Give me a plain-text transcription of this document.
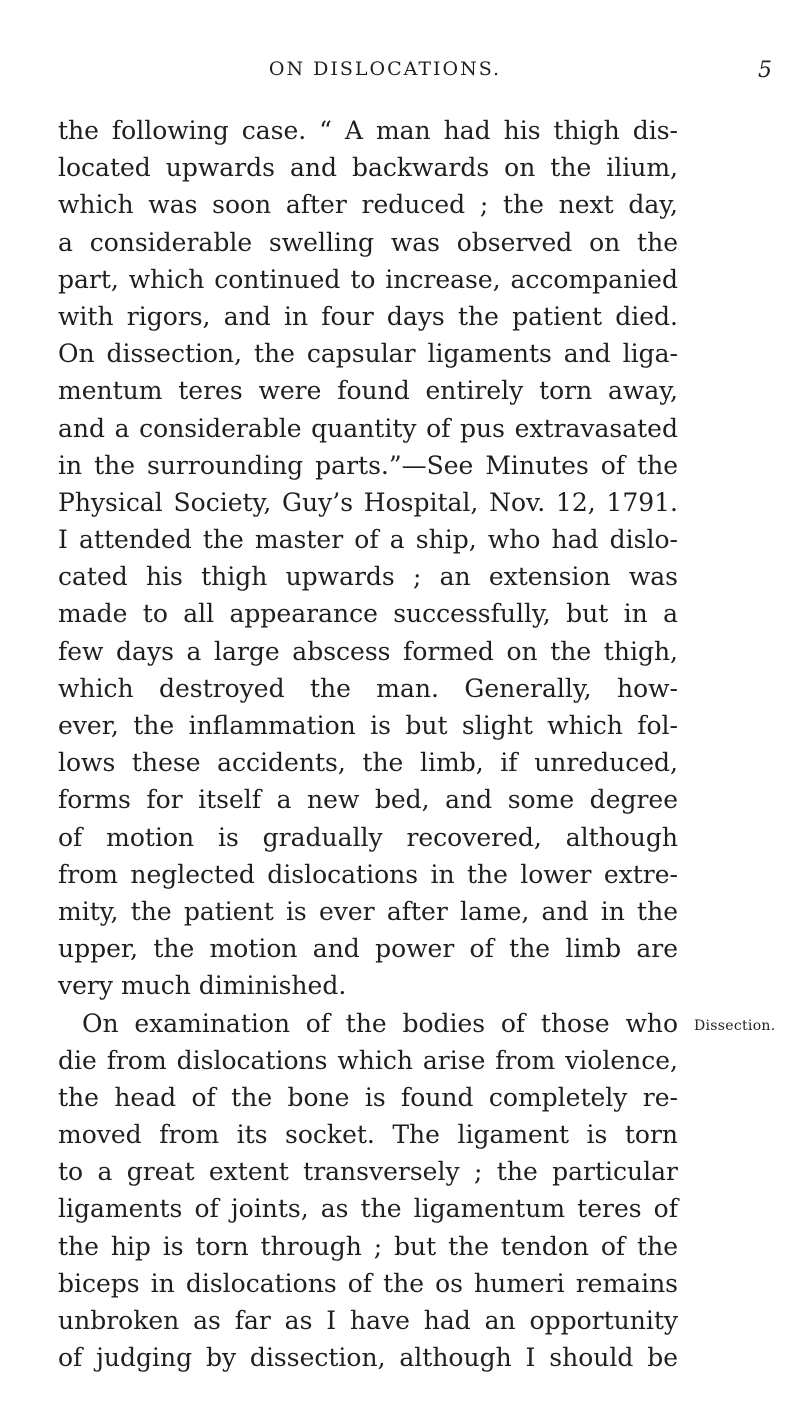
ON DISLOCATIONS.	5
the following case. “ A man had his thigh dis-
located upwards and backwards on the ilium,
which was soon after reduced ; the next day,
a considerable swelling was observed on the
part, which continued to increase, accompanied
with rigors, and in four days the patient died.
On dissection, the capsular ligaments and liga-
mentum teres were found entirely torn away,
and a considerable quantity of pus extravasated
in the surrounding parts.”—See Minutes of the
Physical Society, Guy’s Hospital, Nov. 12, 1791.
I attended the master of a ship, who had dislo-
cated his thigh upwards ; an extension was
made to all appearance successfully, but in a
few days a large abscess formed on the thigh,
which destroyed the man. Generally, how-
ever, the inflammation is but slight which fol-
lows these accidents, the limb, if unreduced,
forms for itself a new bed, and some degree
of motion is gradually recovered, although
from neglected dislocations in the lower extre-
mity, the patient is ever after lame, and in the
upper, the motion and power of the limb are
very much diminished.
On examination of the bodies of those who
die from dislocations which arise from violence,
the head of the bone is found completely re-
moved from its socket. The ligament is torn
to a great extent transversely ; the particular
ligaments of joints, as the ligamentum teres of
the hip is torn through ; but the tendon of the
biceps in dislocations of the os humeri remains
unbroken as far as I have had an opportunity
of judging by dissection, although I should be
Dissection.
